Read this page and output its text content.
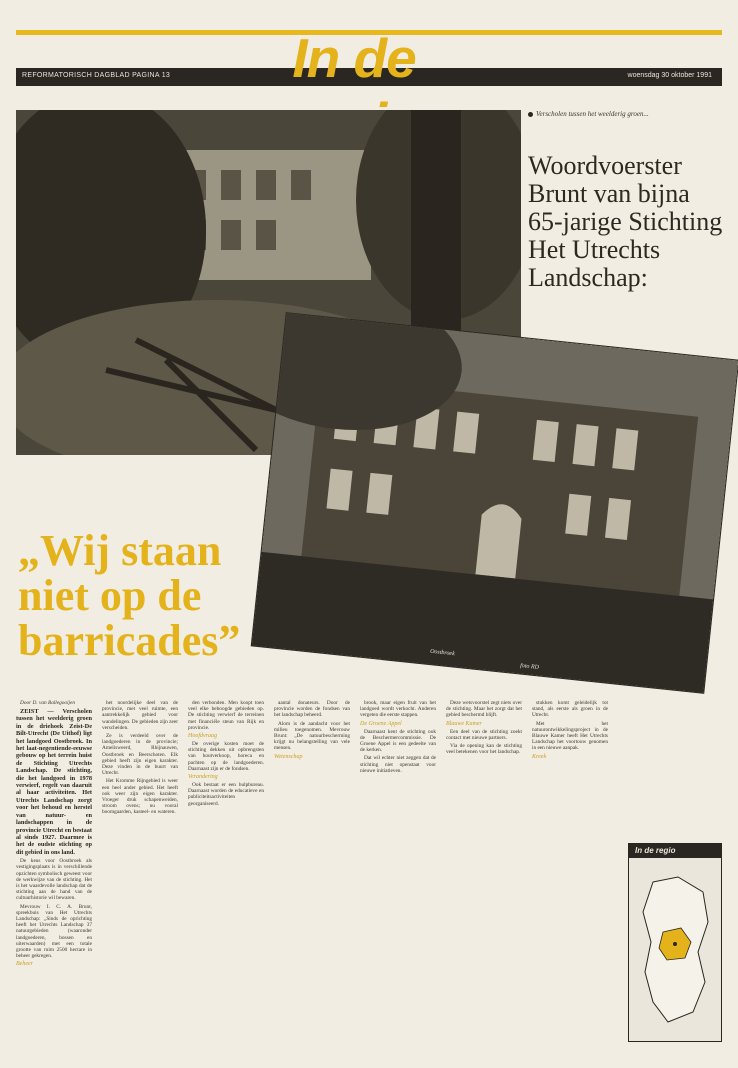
In de
REFORMATORISCH DAGBLAD PAGINA 13	woensdag 30 oktober 1991
Oostbroek
foto RD
Verscholen tussen het weelderig groen...
Woordvoerster Brunt van bijna 65-jarige Stichting Het Utrechts Landschap:
„Wij staan niet op de barricades”

Door D. van Ballegooijen

ZEIST — Verscholen tussen het weelderig groen in de driehoek Zeist-De Bilt-Utrecht (De Uithof) ligt het landgoed Oostbroek. In het laat-negentiende-eeuwse gebouw op het terrein huist de Stichting Utrechts Landschap. De stichting, die het landgoed in 1978 verwierf, regelt van daaruit al haar activiteiten. Het Utrechts Landschap zorgt voor het behoud en herstel van natuur- en landschappen in de provincie Utrecht en bestaat al sinds 1927. Daarmee is het de oudste stichting op dit gebied in ons land.

De keus voor Oostbroek als vestigingsplaats is in verschillende opzichten symbolisch geweest voor de werkwijze van de stichting. Het is het waardevolle landschap dat de stichting aan de hand van de cultuurhistorie wil bewaren.

Mevrouw I. C. A. Brunt, spreekbuis van Het Utrechts Landschap: „Sinds de oprichting heeft het Utrechts Landschap 37 natuurgebieden (waaronder landgoederen, bossen en uiterwaarden) met een totale grootte van ruim 2500 hectare in beheer gekregen.

Beheer

het noordelijke deel van de provincie, met veel ruimte, een aantrekkelijk gebied voor wandelingen. De gebieden zijn zeer verscheiden.

Ze is verdeeld over de landgoederen in de provincie; Amelisweerd, Rhijnauwen, Oostbroek en Beerschoten. Elk gebied heeft zijn eigen karakter. Deze vinden in de buurt van Utrecht.

Het Kromme Rijngebied is weer een heel ander gebied. Het heeft ook weer zijn eigen karakter. Vroeger druk schapenweiden, stroom ovens; nu vooral boomgaarden, kasteel- en wateren.

den verbonden. Men koopt toen veel elke beboogde gebieden op. De stichting verwierf de terreinen met financiële steun van Rijk en provincie.

Hoofdvraag

De overige kosten moet de stichting dekken uit opbrengsten van houtverkoop, horeca en pachten op de landgoederen. Daarnaast zijn er de fondsen.

Verandering

Ook bestaat er een hulpbureau. Daarnaast worden de educatieve en publiciteitsactiviteiten georganiseerd.

aantal donateurs. Door de provincie worden de fondsen van het landschap beheerd.

Alom is de aandacht voor het milieu toegenomen. Mevrouw Brunt: „De natuurbescherming krijgt nu belangstelling van vele mensen.

Wetenschap

brook, maar eigen fruit van het landgoed wordt verkocht. Anderen vergeten die eerste stappen.

De Groene Appel

Daarnaast kent de stichting ook de Beschermercommissie. De Groene Appel is een gedeelte van de kerken.

Dat wil echter niet zeggen dat de stichting niet openstaat voor nieuwe initiatieven.

Deze wetsvoorstel zegt niets over de stichting. Maar het zorgt dat het gebied beschermd blijft.

Blauwe Kamer

Een deel van de stichting zoekt contact met nieuwe partners.

Via de opening kan de stichting veel betekenen voor het landschap.

stukken komt geleidelijk tot stand, als eerste als groen in de Utrecht.

Met het natuurontwikkelingsproject in de Blauwe Kamer heeft Het Utrechts Landschap het voortouw genomen in een nieuwe aanpak.

Kreek

In de regio
